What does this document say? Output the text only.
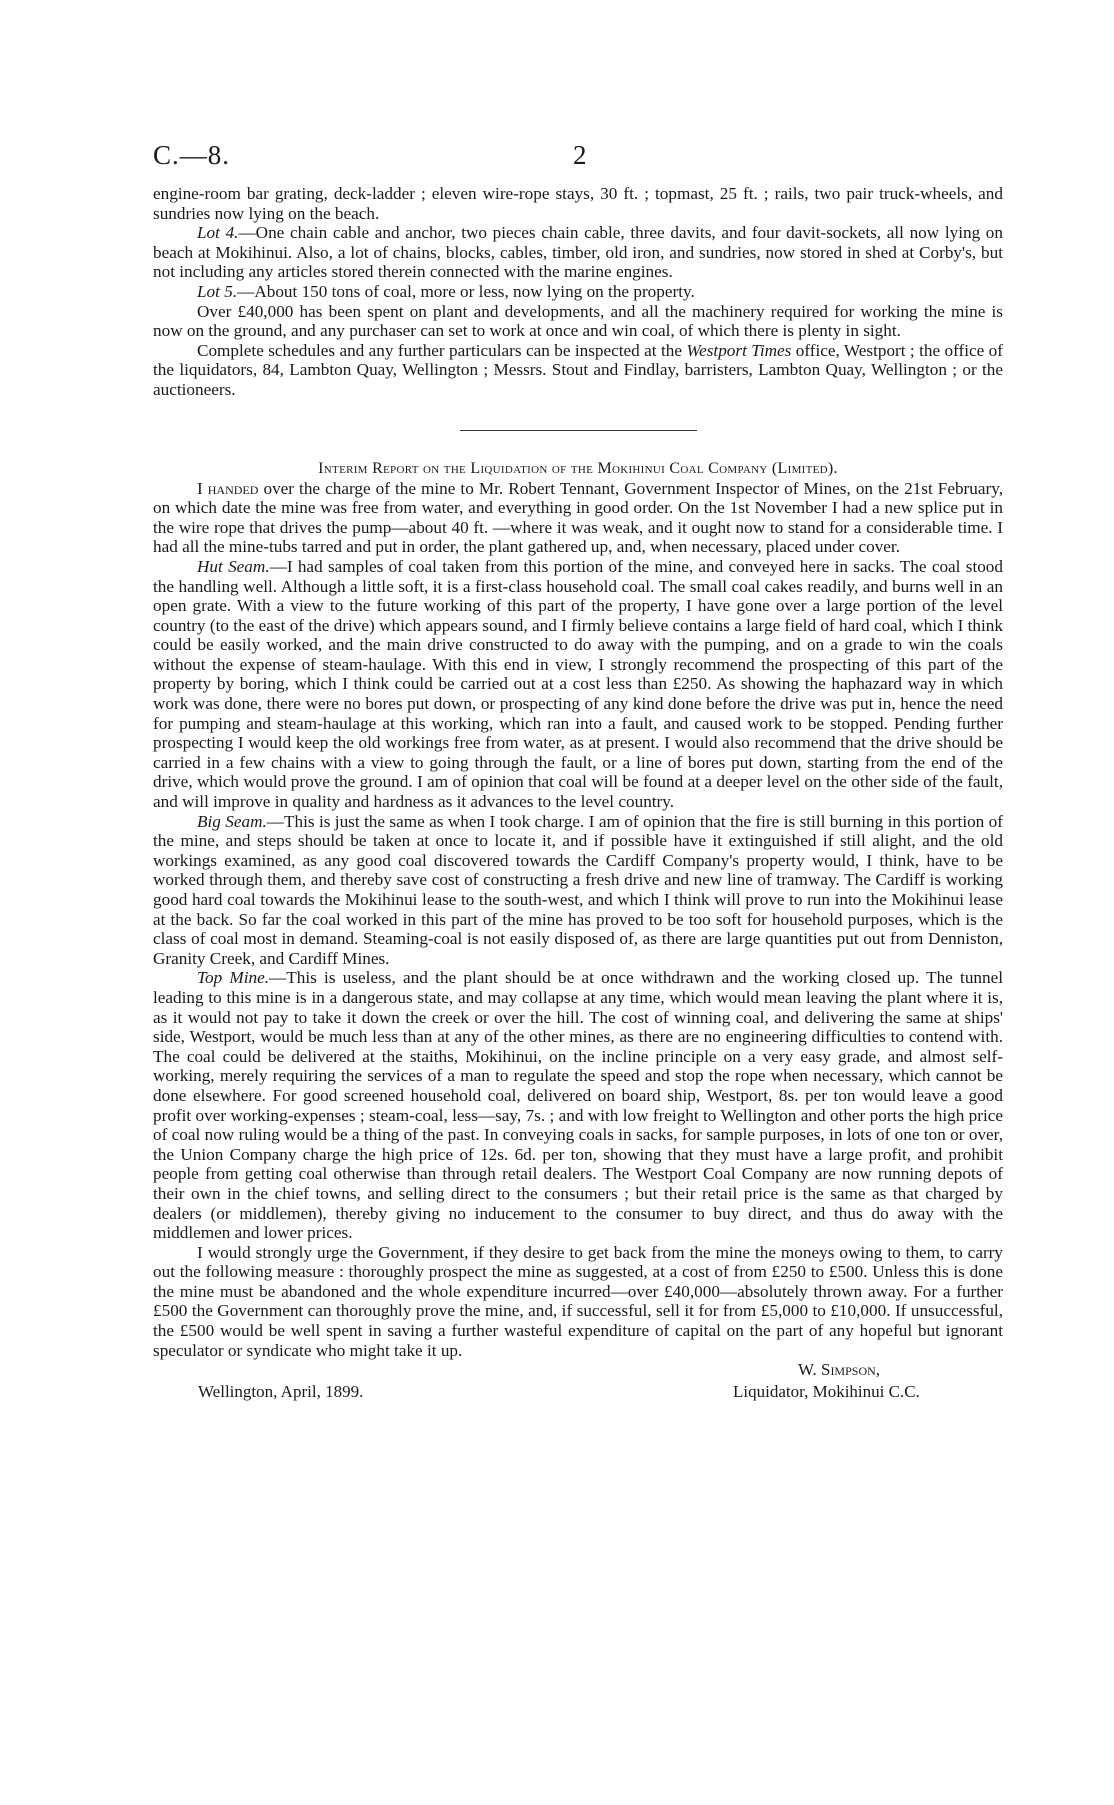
C.—8.	2

engine-room bar grating, deck-ladder ; eleven wire-rope stays, 30 ft. ; topmast, 25 ft. ; rails, two pair truck-wheels, and sundries now lying on the beach.

Lot 4.—One chain cable and anchor, two pieces chain cable, three davits, and four davit-sockets, all now lying on beach at Mokihinui. Also, a lot of chains, blocks, cables, timber, old iron, and sundries, now stored in shed at Corby's, but not including any articles stored therein connected with the marine engines.

Lot 5.—About 150 tons of coal, more or less, now lying on the property.

Over £40,000 has been spent on plant and developments, and all the machinery required for working the mine is now on the ground, and any purchaser can set to work at once and win coal, of which there is plenty in sight.

Complete schedules and any further particulars can be inspected at the Westport Times office, Westport ; the office of the liquidators, 84, Lambton Quay, Wellington ; Messrs. Stout and Findlay, barristers, Lambton Quay, Wellington ; or the auctioneers.

Interim Report on the Liquidation of the Mokihinui Coal Company (Limited).

I handed over the charge of the mine to Mr. Robert Tennant, Government Inspector of Mines, on the 21st February, on which date the mine was free from water, and everything in good order. On the 1st November I had a new splice put in the wire rope that drives the pump—about 40 ft. —where it was weak, and it ought now to stand for a considerable time. I had all the mine-tubs tarred and put in order, the plant gathered up, and, when necessary, placed under cover.

Hut Seam.—I had samples of coal taken from this portion of the mine, and conveyed here in sacks. The coal stood the handling well. Although a little soft, it is a first-class household coal. The small coal cakes readily, and burns well in an open grate. With a view to the future working of this part of the property, I have gone over a large portion of the level country (to the east of the drive) which appears sound, and I firmly believe contains a large field of hard coal, which I think could be easily worked, and the main drive constructed to do away with the pumping, and on a grade to win the coals without the expense of steam-haulage. With this end in view, I strongly recommend the prospecting of this part of the property by boring, which I think could be carried out at a cost less than £250. As showing the haphazard way in which work was done, there were no bores put down, or prospecting of any kind done before the drive was put in, hence the need for pumping and steam-haulage at this working, which ran into a fault, and caused work to be stopped. Pending further prospecting I would keep the old workings free from water, as at present. I would also recommend that the drive should be carried in a few chains with a view to going through the fault, or a line of bores put down, starting from the end of the drive, which would prove the ground. I am of opinion that coal will be found at a deeper level on the other side of the fault, and will improve in quality and hardness as it advances to the level country.

Big Seam.—This is just the same as when I took charge. I am of opinion that the fire is still burning in this portion of the mine, and steps should be taken at once to locate it, and if possible have it extinguished if still alight, and the old workings examined, as any good coal discovered towards the Cardiff Company's property would, I think, have to be worked through them, and thereby save cost of constructing a fresh drive and new line of tramway. The Cardiff is working good hard coal towards the Mokihinui lease to the south-west, and which I think will prove to run into the Mokihinui lease at the back. So far the coal worked in this part of the mine has proved to be too soft for household purposes, which is the class of coal most in demand. Steaming-coal is not easily disposed of, as there are large quantities put out from Denniston, Granity Creek, and Cardiff Mines.

Top Mine.—This is useless, and the plant should be at once withdrawn and the working closed up. The tunnel leading to this mine is in a dangerous state, and may collapse at any time, which would mean leaving the plant where it is, as it would not pay to take it down the creek or over the hill. The cost of winning coal, and delivering the same at ships' side, Westport, would be much less than at any of the other mines, as there are no engineering difficulties to contend with. The coal could be delivered at the staiths, Mokihinui, on the incline principle on a very easy grade, and almost self-working, merely requiring the services of a man to regulate the speed and stop the rope when necessary, which cannot be done elsewhere. For good screened household coal, delivered on board ship, Westport, 8s. per ton would leave a good profit over working-expenses ; steam-coal, less—say, 7s. ; and with low freight to Wellington and other ports the high price of coal now ruling would be a thing of the past. In conveying coals in sacks, for sample purposes, in lots of one ton or over, the Union Company charge the high price of 12s. 6d. per ton, showing that they must have a large profit, and prohibit people from getting coal otherwise than through retail dealers. The Westport Coal Company are now running depots of their own in the chief towns, and selling direct to the consumers ; but their retail price is the same as that charged by dealers (or middlemen), thereby giving no inducement to the consumer to buy direct, and thus do away with the middlemen and lower prices.

I would strongly urge the Government, if they desire to get back from the mine the moneys owing to them, to carry out the following measure : thoroughly prospect the mine as suggested, at a cost of from £250 to £500. Unless this is done the mine must be abandoned and the whole expenditure incurred—over £40,000—absolutely thrown away. For a further £500 the Government can thoroughly prove the mine, and, if successful, sell it for from £5,000 to £10,000. If unsuccessful, the £500 would be well spent in saving a further wasteful expenditure of capital on the part of any hopeful but ignorant speculator or syndicate who might take it up.

W. Simpson,
Wellington, April, 1899.	Liquidator, Mokihinui C.C.
